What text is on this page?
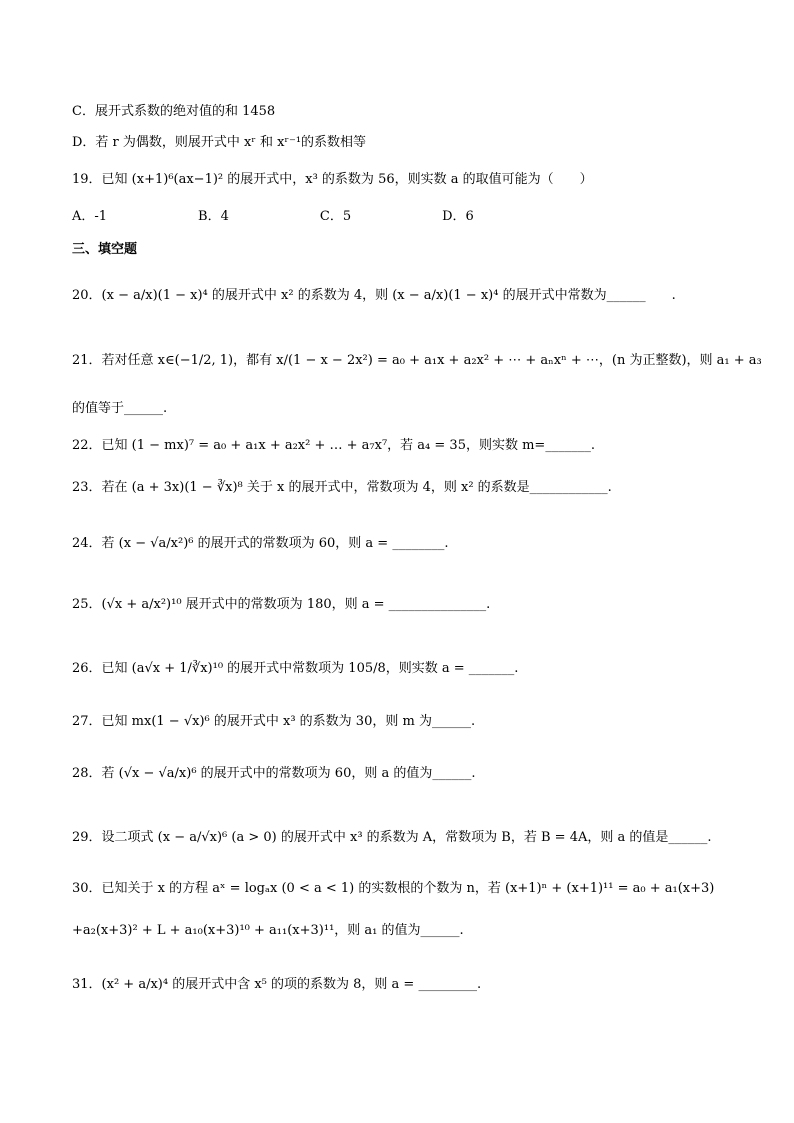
C．展开式系数的绝对值的和 1458
D．若 r 为偶数，则展开式中 xʳ 和 xʳ⁻¹的系数相等
19．已知 (x+1)⁶(ax−1)² 的展开式中，x³ 的系数为 56，则实数 a 的取值可能为（　　）
A．-1　　　　　　　B．4　　　　　　　C．5　　　　　　　D．6
三、填空题
20．(x − a/x)(1 − x)⁴ 的展开式中 x² 的系数为 4，则 (x − a/x)(1 − x)⁴ 的展开式中常数为______　　.
21．若对任意 x∈(−1/2, 1)，都有 x/(1 − x − 2x²) = a₀ + a₁x + a₂x² + ⋯ + aₙxⁿ + ⋯，(n 为正整数)，则 a₁ + a₃
的值等于______.
22．已知 (1 − mx)⁷ = a₀ + a₁x + a₂x² + … + a₇x⁷，若 a₄ = 35，则实数 m=_______.
23．若在 (a + 3x)(1 − ∛x)⁸ 关于 x 的展开式中，常数项为 4，则 x² 的系数是____________.
24．若 (x − √a/x²)⁶ 的展开式的常数项为 60，则 a = ________.
25．(√x + a/x²)¹⁰ 展开式中的常数项为 180，则 a = _______________.
26．已知 (a√x + 1/∛x)¹⁰ 的展开式中常数项为 105/8，则实数 a = _______.
27．已知 mx(1 − √x)⁶ 的展开式中 x³ 的系数为 30，则 m 为______.
28．若 (√x − √a/x)⁶ 的展开式中的常数项为 60，则 a 的值为______.
29．设二项式 (x − a/√x)⁶ (a > 0) 的展开式中 x³ 的系数为 A，常数项为 B，若 B = 4A，则 a 的值是______.
30．已知关于 x 的方程 aˣ = logₐx (0 < a < 1) 的实数根的个数为 n，若 (x+1)ⁿ + (x+1)¹¹ = a₀ + a₁(x+3)
+a₂(x+3)² + L + a₁₀(x+3)¹⁰ + a₁₁(x+3)¹¹，则 a₁ 的值为______.
31．(x² + a/x)⁴ 的展开式中含 x⁵ 的项的系数为 8，则 a = _________.
